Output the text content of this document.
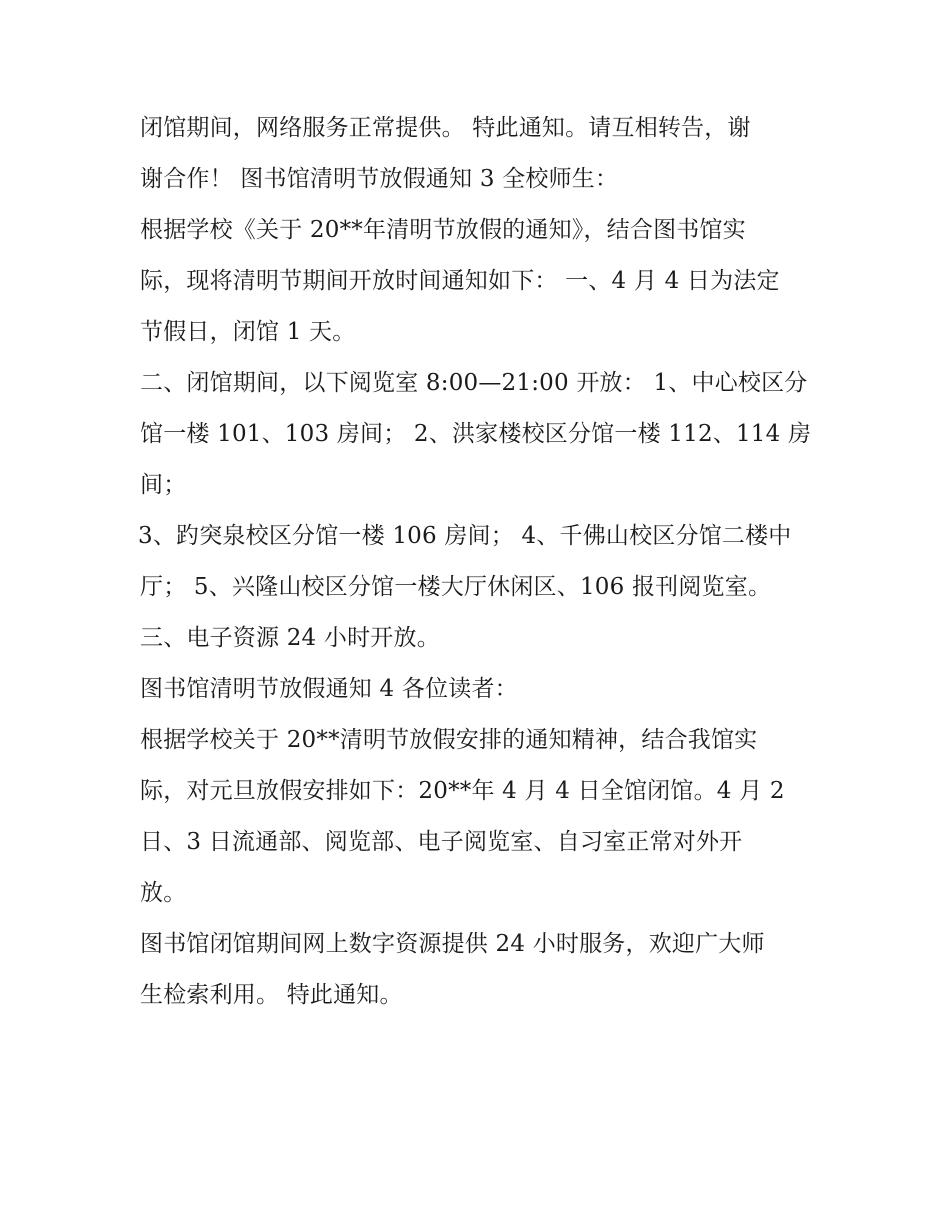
闭馆期间，网络服务正常提供。 特此通知。请互相转告，谢
谢合作！ 图书馆清明节放假通知 3 全校师生：
根据学校《关于 20**年清明节放假的通知》，结合图书馆实
际，现将清明节期间开放时间通知如下： 一、4 月 4 日为法定
节假日，闭馆 1 天。
二、闭馆期间，以下阅览室 8:00—21:00 开放： 1、中心校区分
馆一楼 101、103 房间； 2、洪家楼校区分馆一楼 112、114 房
间；
3、趵突泉校区分馆一楼 106 房间； 4、千佛山校区分馆二楼中
厅； 5、兴隆山校区分馆一楼大厅休闲区、106 报刊阅览室。
三、电子资源 24 小时开放。
图书馆清明节放假通知 4 各位读者：
根据学校关于 20**清明节放假安排的通知精神，结合我馆实
际，对元旦放假安排如下：20**年 4 月 4 日全馆闭馆。4 月 2
日、3 日流通部、阅览部、电子阅览室、自习室正常对外开
放。
图书馆闭馆期间网上数字资源提供 24 小时服务，欢迎广大师
生检索利用。 特此通知。
